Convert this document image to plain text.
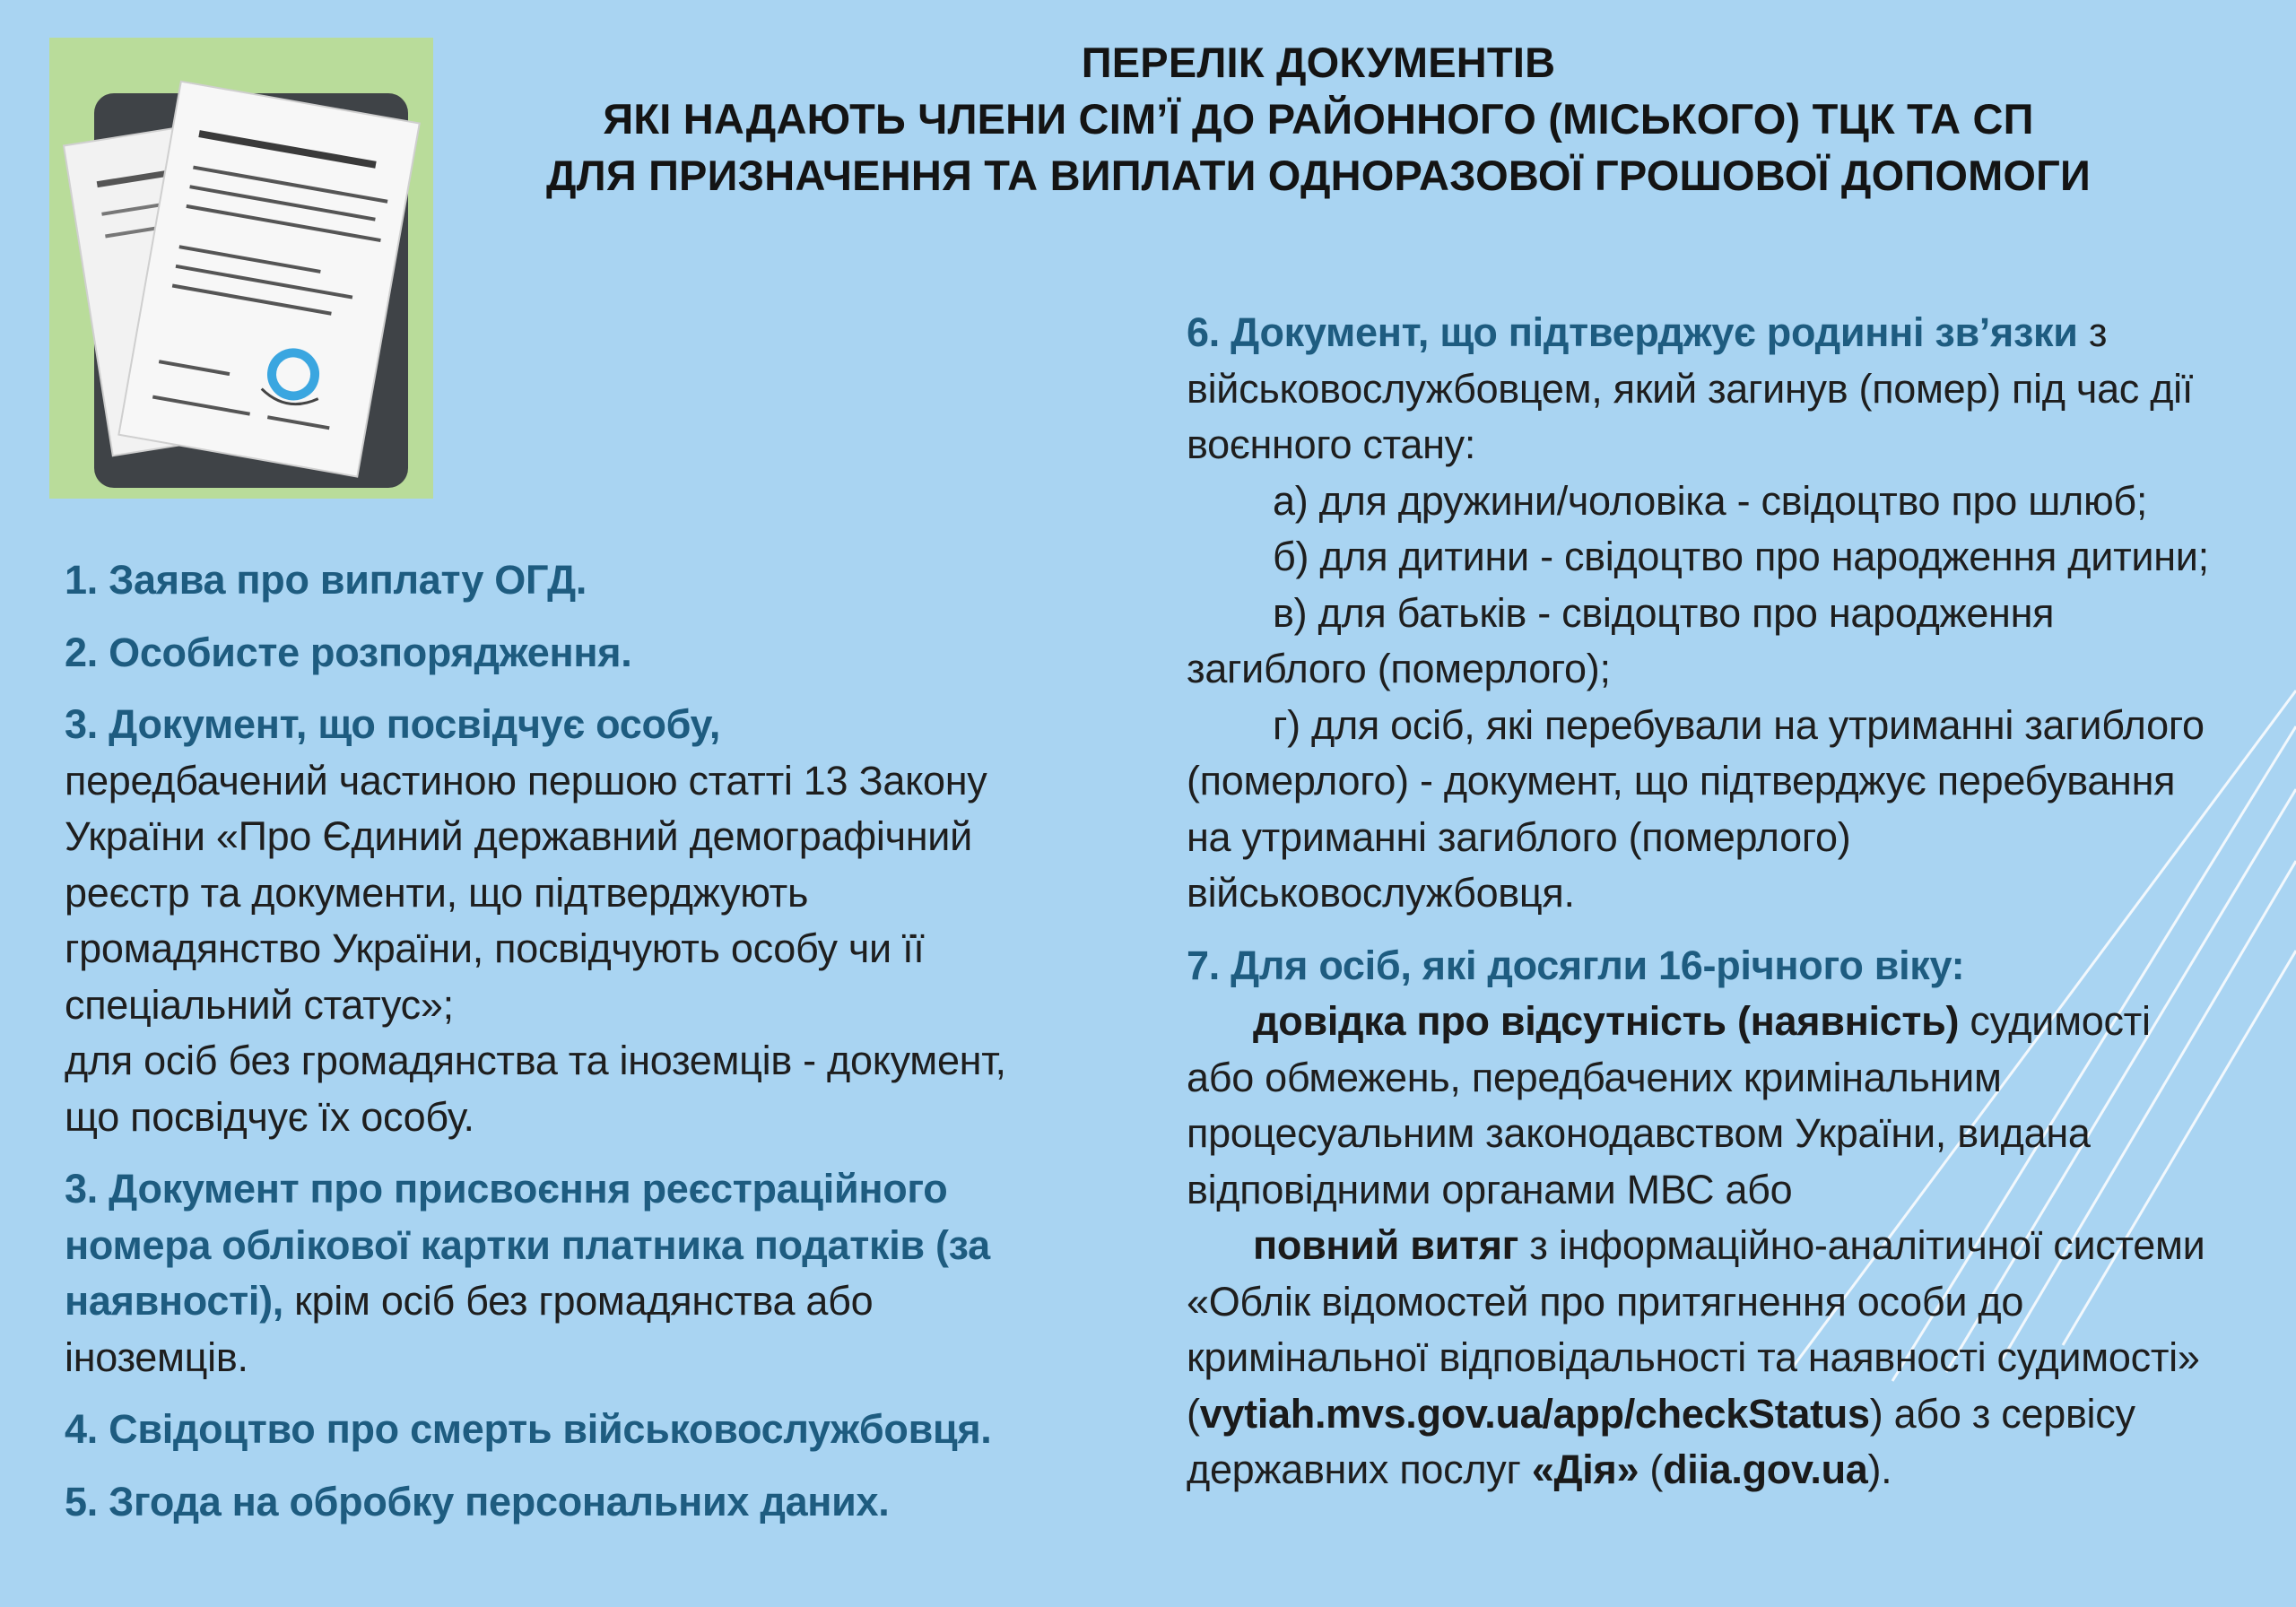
ПЕРЕЛІК ДОКУМЕНТІВ
ЯКІ НАДАЮТЬ ЧЛЕНИ СІМ’Ї ДО РАЙОННОГО (МІСЬКОГО) ТЦК ТА СП
ДЛЯ ПРИЗНАЧЕННЯ ТА ВИПЛАТИ ОДНОРАЗОВОЇ ГРОШОВОЇ ДОПОМОГИ
1. Заява про виплату ОГД.
2. Особисте розпорядження.
3. Документ, що посвідчує особу,
передбачений частиною першою статті 13 Закону
України «Про Єдиний державний демографічний
реєстр та документи, що підтверджують
громадянство України, посвідчують особу чи її
спеціальний статус»;
для осіб без громадянства та іноземців - документ,
що посвідчує їх особу.
3. Документ про присвоєння реєстраційного
номера облікової картки платника податків (за
наявності), крім осіб без громадянства або
іноземців.
4. Свідоцтво про смерть військовослужбовця.
5. Згода на обробку персональних даних.
6. Документ, що підтверджує родинні зв’язки з
військовослужбовцем, який загинув (помер) під час дії
воєнного стану:
а) для дружини/чоловіка - свідоцтво про шлюб;
б) для дитини - свідоцтво про народження дитини;
в) для батьків - свідоцтво про народження
загиблого (померлого);
г) для осіб, які перебували на утриманні загиблого
(померлого) - документ, що підтверджує перебування
на утриманні загиблого (померлого)
військовослужбовця.
7. Для осіб, які досягли 16-річного віку:
довідка про відсутність (наявність) судимості
або обмежень, передбачених кримінальним
процесуальним законодавством України, видана
відповідними органами МВС або
повний витяг з інформаційно-аналітичної системи
«Облік відомостей про притягнення особи до
кримінальної відповідальності та наявності судимості»
(vytiah.mvs.gov.ua/app/checkStatus) або з сервісу
державних послуг «Дія» (diia.gov.ua).
